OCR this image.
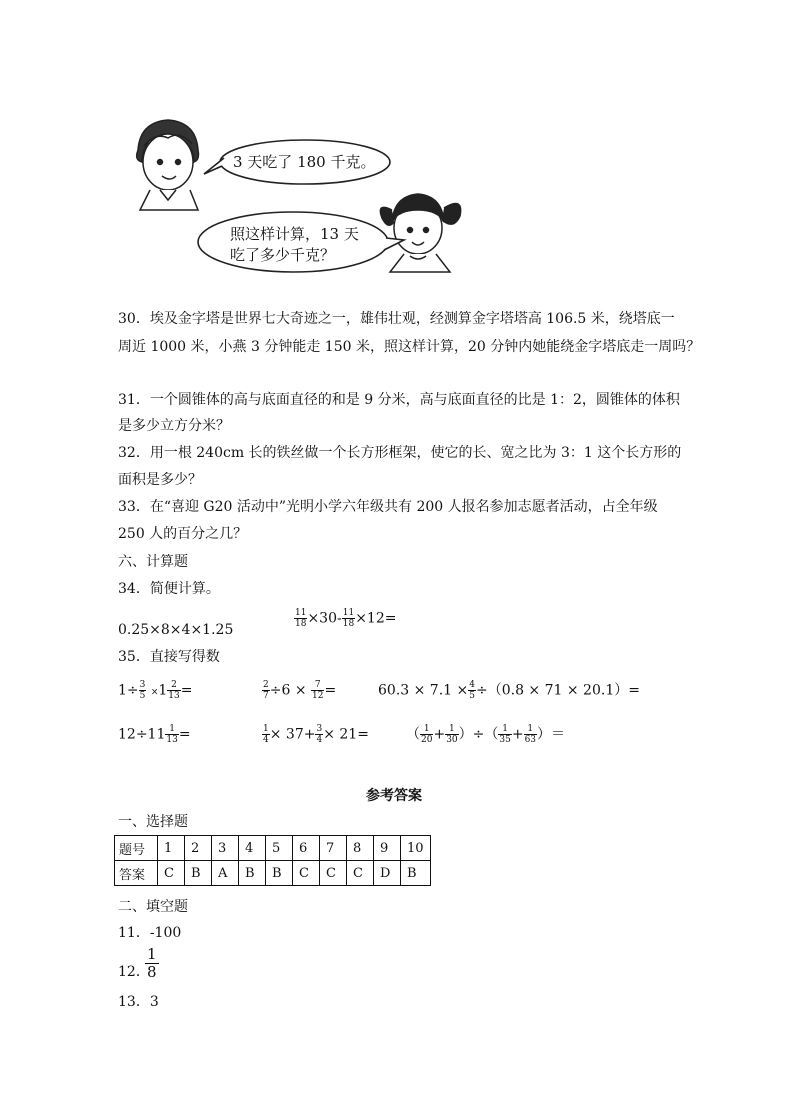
3 天吃了 180 千克。
照这样计算，13 天
吃了多少千克？
30．埃及金字塔是世界七大奇迹之一，雄伟壮观，经测算金字塔塔高 106.5 米，绕塔底一
周近 1000 米，小燕 3 分钟能走 150 米，照这样计算，20 分钟内她能绕金字塔底走一周吗？
31．一个圆锥体的高与底面直径的和是 9 分米，高与底面直径的比是 1：2，圆锥体的体积
是多少立方分米？
32．用一根 240cm 长的铁丝做一个长方形框架，使它的长、宽之比为 3：1 这个长方形的
面积是多少？
33．在“喜迎 G20 活动中”光明小学六年级共有 200 人报名参加志愿者活动，占全年级
250 人的百分之几？
六、计算题
34．简便计算。
0.25×8×4×1.25
$\frac{11}{18} \times 30- \frac{11}{18} \times 12=$
35．直接写得数
$1\div \frac{3}{5} \times 1 \frac{2}{13}$ =	$\frac{2}{7} \div 6 \times \frac{7}{12}$ =	$60.3 \times 7.1 \times \frac{4}{5} \div(0.8 \times 71 \times 20.1)=$
$12\div 11 \frac{1}{13}$ =	$\frac{1}{4} \times 37+ \frac{3}{4} \times 21=$	（ $\frac{1}{20} + \frac{1}{30}$ ）÷（ $\frac{1}{35} + \frac{1}{63}$ ）＝
参考答案
一、选择题
题号	1	2	3	4	5	6	7	8	9	10
答案	C	B	A	B	B	C	C	C	D	B
二、填空题
11．-100
12．
1
8
13．3
